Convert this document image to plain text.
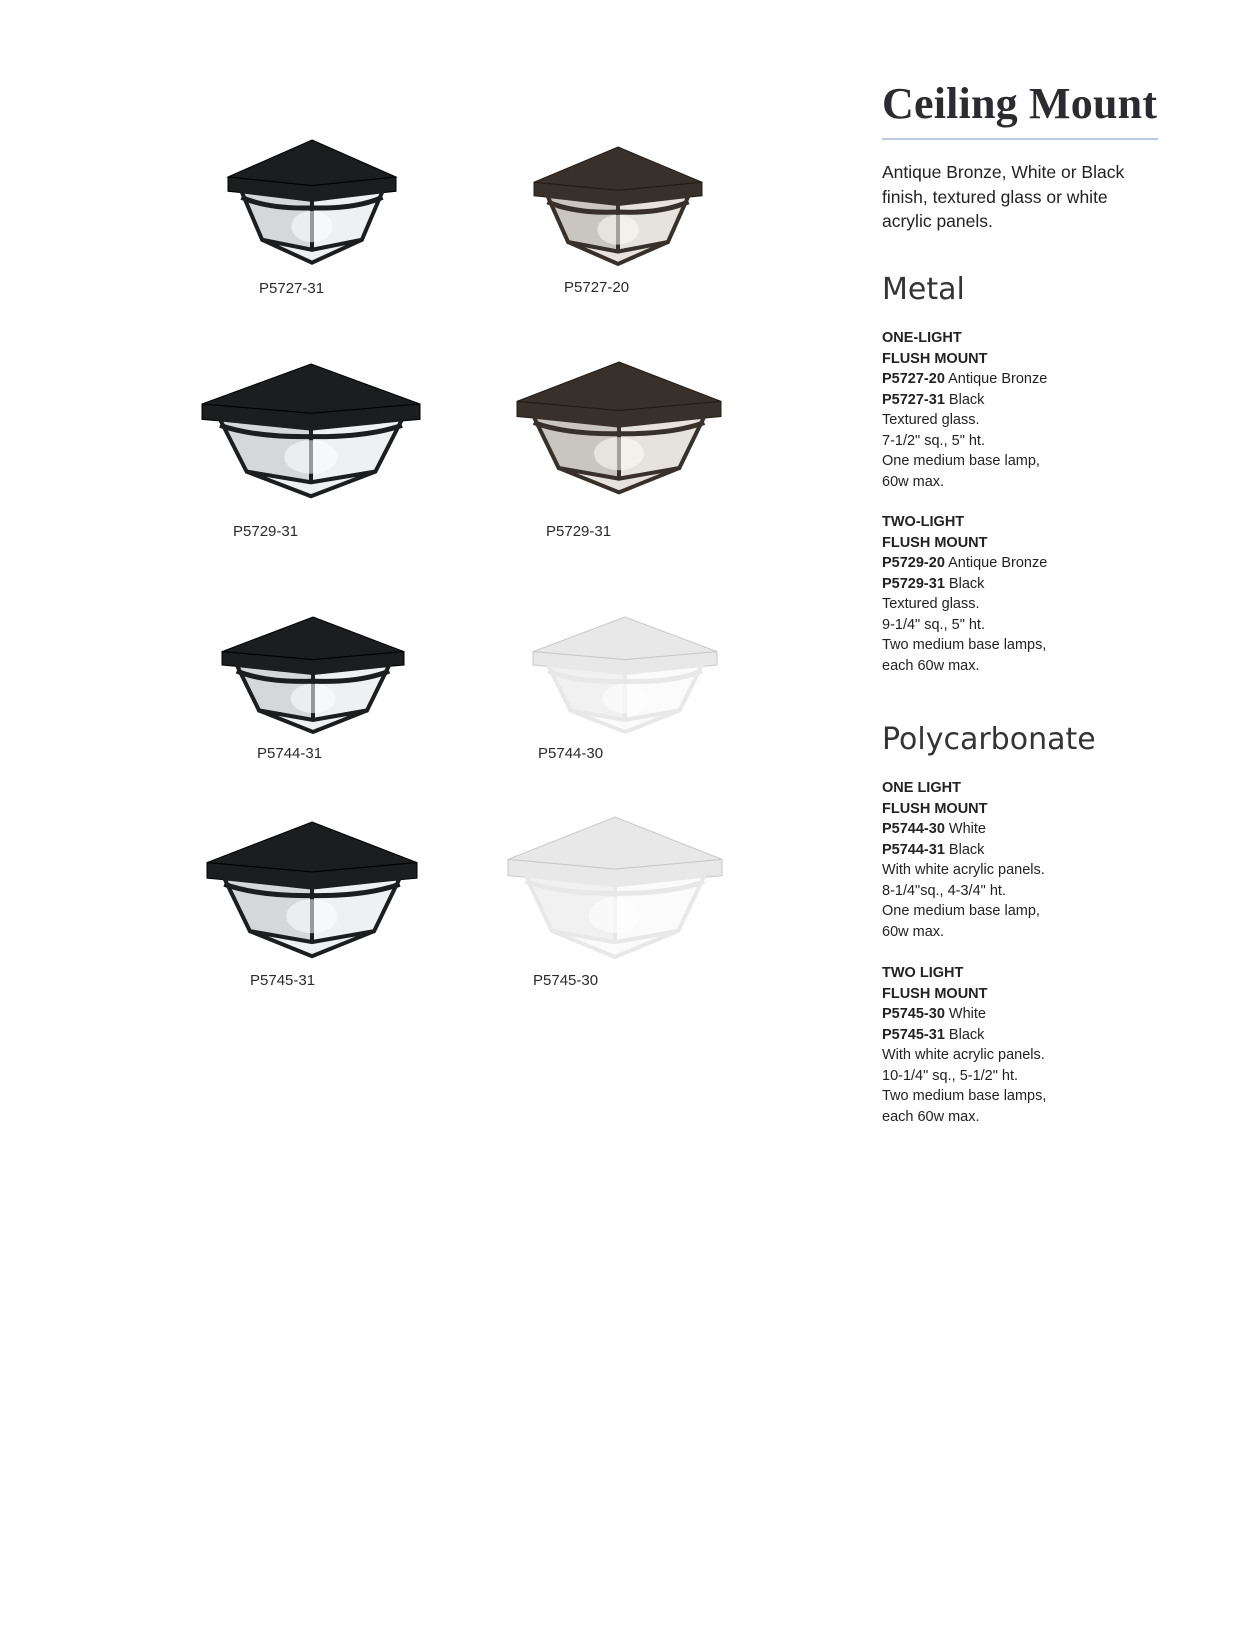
P5727-31	P5727-20
P5729-31	P5729-31
P5744-31	P5744-30
P5745-31	P5745-30
Ceiling Mount

Antique Bronze, White or Black finish, textured glass or white acrylic panels.

Metal
ONE-LIGHT
FLUSH MOUNT
P5727-20 Antique Bronze
P5727-31 Black
Textured glass.
7-1/2" sq., 5" ht.
One medium base lamp,
60w max.
TWO-LIGHT
FLUSH MOUNT
P5729-20 Antique Bronze
P5729-31 Black
Textured glass.
9-1/4" sq., 5" ht.
Two medium base lamps,
each 60w max.
Polycarbonate
ONE LIGHT
FLUSH MOUNT
P5744-30 White
P5744-31 Black
With white acrylic panels.
8-1/4"sq., 4-3/4" ht.
One medium base lamp,
60w max.
TWO LIGHT
FLUSH MOUNT
P5745-30 White
P5745-31 Black
With white acrylic panels.
10-1/4" sq., 5-1/2" ht.
Two medium base lamps,
each 60w max.
